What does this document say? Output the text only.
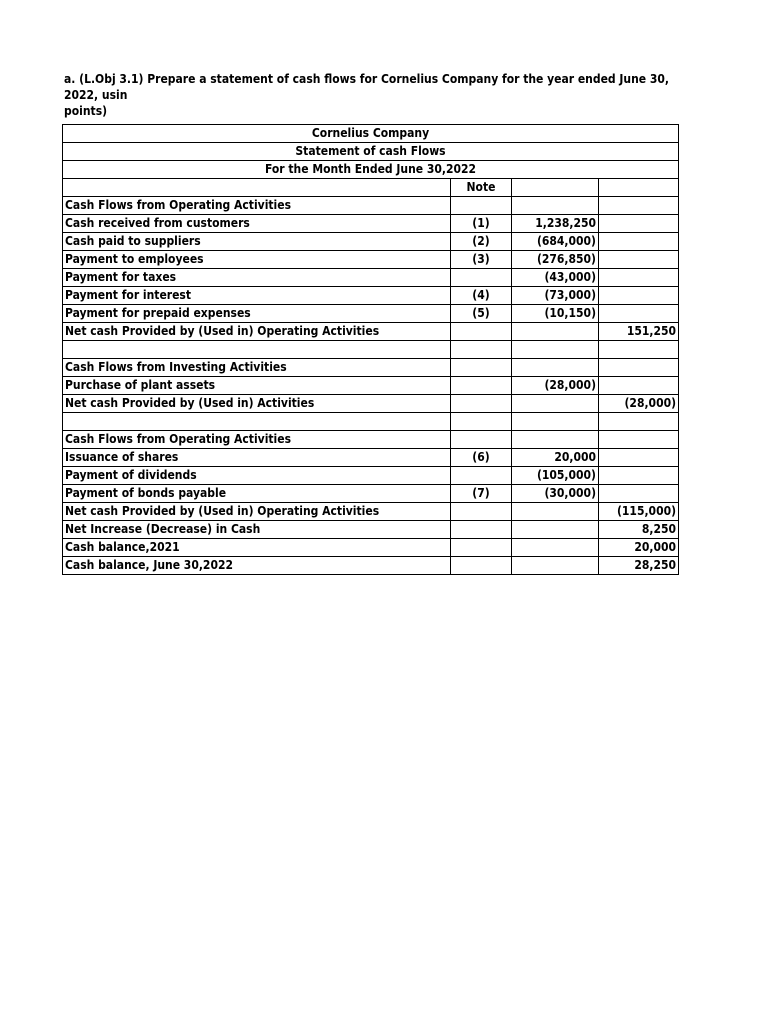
a. (L.Obj 3.1) Prepare a statement of cash flows for Cornelius Company for the year ended June 30, 2022, usin
points)
Cornelius Company			
Statement of cash Flows			
For the Month Ended June 30,2022			
	Note		
Cash Flows from Operating Activities			
Cash received from customers	(1)	1,238,250	
Cash paid to suppliers	(2)	(684,000)	
Payment to employees	(3)	(276,850)	
Payment for taxes		(43,000)	
Payment for interest	(4)	(73,000)	
Payment for prepaid expenses	(5)	(10,150)	
Net cash Provided by (Used in) Operating Activities			151,250

Cash Flows from Investing Activities			
Purchase of plant assets		(28,000)	
Net cash Provided by (Used in) Activities			(28,000)

Cash Flows from Operating Activities			
Issuance of shares	(6)	20,000	
Payment of dividends		(105,000)	
Payment of bonds payable	(7)	(30,000)	
Net cash Provided by (Used in) Operating Activities			(115,000)
Net Increase (Decrease) in Cash			8,250
Cash balance,2021			20,000
Cash balance, June 30,2022			28,250
